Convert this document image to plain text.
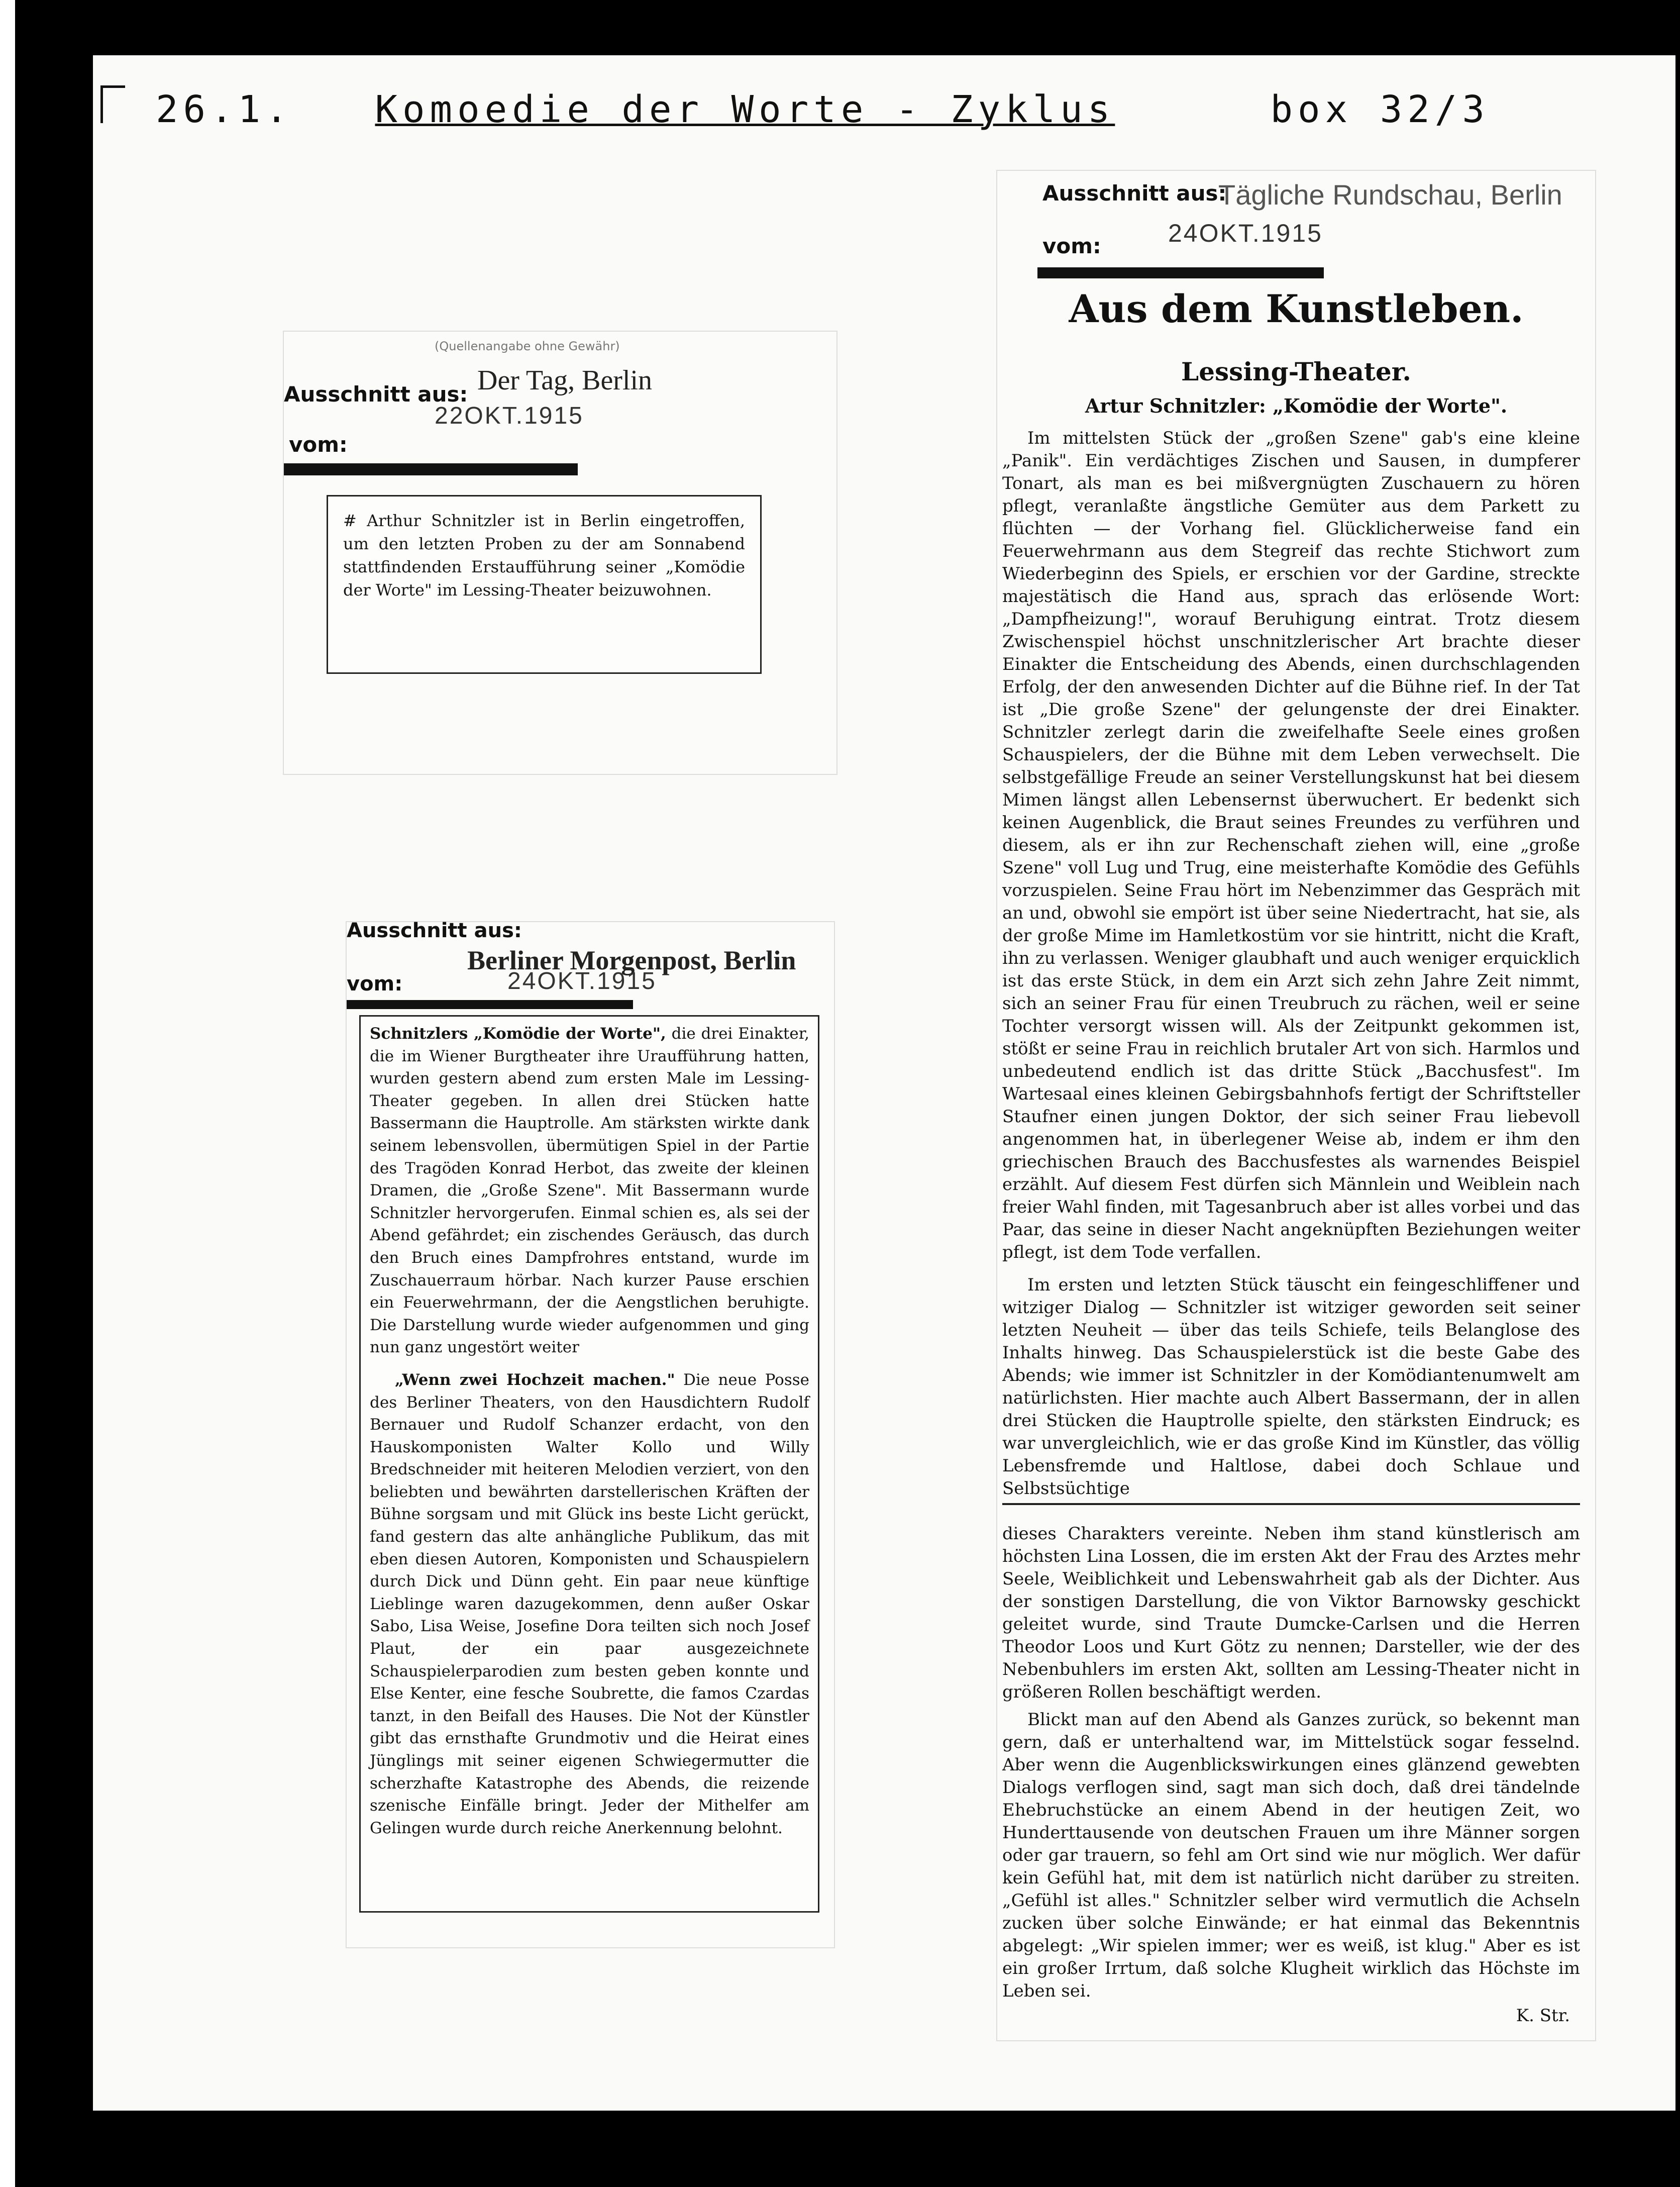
26.1. Komoedie der Worte - Zyklus	box 32/3
(Quellenangabe ohne Gewähr)
Ausschnitt aus: Der Tag, Berlin
vom:
22OKT.1915
# Arthur Schnitzler ist in Berlin eingetroffen, um den letzten Proben zu der am Sonnabend stattfindenden Erstaufführung seiner „Komödie der Worte" im Lessing-Theater beizuwohnen.
Ausschnitt aus:
Berliner Morgenpost, Berlin
vom:	24OKT.1915

Schnitzlers „Komödie der Worte", die drei Einakter, die im Wiener Burgtheater ihre Uraufführung hatten, wurden gestern abend zum ersten Male im Lessing-Theater gegeben. In allen drei Stücken hatte Bassermann die Hauptrolle. Am stärksten wirkte dank seinem lebensvollen, übermütigen Spiel in der Partie des Tragöden Konrad Herbot, das zweite der kleinen Dramen, die „Große Szene". Mit Bassermann wurde Schnitzler hervorgerufen. Einmal schien es, als sei der Abend gefährdet; ein zischendes Geräusch, das durch den Bruch eines Dampfrohres entstand, wurde im Zuschauerraum hörbar. Nach kurzer Pause erschien ein Feuerwehrmann, der die Aengstlichen beruhigte. Die Darstellung wurde wieder aufgenommen und ging nun ganz ungestört weiter

„Wenn zwei Hochzeit machen." Die neue Posse des Berliner Theaters, von den Hausdichtern Rudolf Bernauer und Rudolf Schanzer erdacht, von den Hauskomponisten Walter Kollo und Willy Bredschneider mit heiteren Melodien verziert, von den beliebten und bewährten darstellerischen Kräften der Bühne sorgsam und mit Glück ins beste Licht gerückt, fand gestern das alte anhängliche Publikum, das mit eben diesen Autoren, Komponisten und Schauspielern durch Dick und Dünn geht. Ein paar neue künftige Lieblinge waren dazugekommen, denn außer Oskar Sabo, Lisa Weise, Josefine Dora teilten sich noch Josef Plaut, der ein paar ausgezeichnete Schauspielerparodien zum besten geben konnte und Else Kenter, eine fesche Soubrette, die famos Czardas tanzt, in den Beifall des Hauses. Die Not der Künstler gibt das ernsthafte Grundmotiv und die Heirat eines Jünglings mit seiner eigenen Schwiegermutter die scherzhafte Katastrophe des Abends, die reizende szenische Einfälle bringt. Jeder der Mithelfer am Gelingen wurde durch reiche Anerkennung belohnt.

Ausschnitt aus:
Tägliche Rundschau, Berlin
vom:	24OKT.1915
Aus dem Kunstleben.
Lessing-Theater.
Artur Schnitzler: „Komödie der Worte".

Im mittelsten Stück der „großen Szene" gab's eine kleine „Panik". Ein verdächtiges Zischen und Sausen, in dumpferer Tonart, als man es bei mißvergnügten Zuschauern zu hören pflegt, veranlaßte ängstliche Gemüter aus dem Parkett zu flüchten — der Vorhang fiel. Glücklicherweise fand ein Feuerwehrmann aus dem Stegreif das rechte Stichwort zum Wiederbeginn des Spiels, er erschien vor der Gardine, streckte majestätisch die Hand aus, sprach das erlösende Wort: „Dampfheizung!", worauf Beruhigung eintrat. Trotz diesem Zwischenspiel höchst unschnitzlerischer Art brachte dieser Einakter die Entscheidung des Abends, einen durchschlagenden Erfolg, der den anwesenden Dichter auf die Bühne rief. In der Tat ist „Die große Szene" der gelungenste der drei Einakter. Schnitzler zerlegt darin die zweifelhafte Seele eines großen Schauspielers, der die Bühne mit dem Leben verwechselt. Die selbstgefällige Freude an seiner Verstellungskunst hat bei diesem Mimen längst allen Lebensernst überwuchert. Er bedenkt sich keinen Augenblick, die Braut seines Freundes zu verführen und diesem, als er ihn zur Rechenschaft ziehen will, eine „große Szene" voll Lug und Trug, eine meisterhafte Komödie des Gefühls vorzuspielen. Seine Frau hört im Nebenzimmer das Gespräch mit an und, obwohl sie empört ist über seine Niedertracht, hat sie, als der große Mime im Hamletkostüm vor sie hintritt, nicht die Kraft, ihn zu verlassen. Weniger glaubhaft und auch weniger erquicklich ist das erste Stück, in dem ein Arzt sich zehn Jahre Zeit nimmt, sich an seiner Frau für einen Treubruch zu rächen, weil er seine Tochter versorgt wissen will. Als der Zeitpunkt gekommen ist, stößt er seine Frau in reichlich brutaler Art von sich. Harmlos und unbedeutend endlich ist das dritte Stück „Bacchusfest". Im Wartesaal eines kleinen Gebirgsbahnhofs fertigt der Schriftsteller Staufner einen jungen Doktor, der sich seiner Frau liebevoll angenommen hat, in überlegener Weise ab, indem er ihm den griechischen Brauch des Bacchusfestes als warnendes Beispiel erzählt. Auf diesem Fest dürfen sich Männlein und Weiblein nach freier Wahl finden, mit Tagesanbruch aber ist alles vorbei und das Paar, das seine in dieser Nacht angeknüpften Beziehungen weiter pflegt, ist dem Tode verfallen.

Im ersten und letzten Stück täuscht ein feingeschliffener und witziger Dialog — Schnitzler ist witziger geworden seit seiner letzten Neuheit — über das teils Schiefe, teils Belanglose des Inhalts hinweg. Das Schauspielerstück ist die beste Gabe des Abends; wie immer ist Schnitzler in der Komödiantenumwelt am natürlichsten. Hier machte auch Albert Bassermann, der in allen drei Stücken die Hauptrolle spielte, den stärksten Eindruck; es war unvergleichlich, wie er das große Kind im Künstler, das völlig Lebensfremde und Haltlose, dabei doch Schlaue und Selbstsüchtige

dieses Charakters vereinte. Neben ihm stand künstlerisch am höchsten Lina Lossen, die im ersten Akt der Frau des Arztes mehr Seele, Weiblichkeit und Lebenswahrheit gab als der Dichter. Aus der sonstigen Darstellung, die von Viktor Barnowsky geschickt geleitet wurde, sind Traute Dumcke-Carlsen und die Herren Theodor Loos und Kurt Götz zu nennen; Darsteller, wie der des Nebenbuhlers im ersten Akt, sollten am Lessing-Theater nicht in größeren Rollen beschäftigt werden.

Blickt man auf den Abend als Ganzes zurück, so bekennt man gern, daß er unterhaltend war, im Mittelstück sogar fesselnd. Aber wenn die Augenblickswirkungen eines glänzend gewebten Dialogs verflogen sind, sagt man sich doch, daß drei tändelnde Ehebruchstücke an einem Abend in der heutigen Zeit, wo Hunderttausende von deutschen Frauen um ihre Männer sorgen oder gar trauern, so fehl am Ort sind wie nur möglich. Wer dafür kein Gefühl hat, mit dem ist natürlich nicht darüber zu streiten. „Gefühl ist alles." Schnitzler selber wird vermutlich die Achseln zucken über solche Einwände; er hat einmal das Bekenntnis abgelegt: „Wir spielen immer; wer es weiß, ist klug." Aber es ist ein großer Irrtum, daß solche Klugheit wirklich das Höchste im Leben sei.

K. Str.
